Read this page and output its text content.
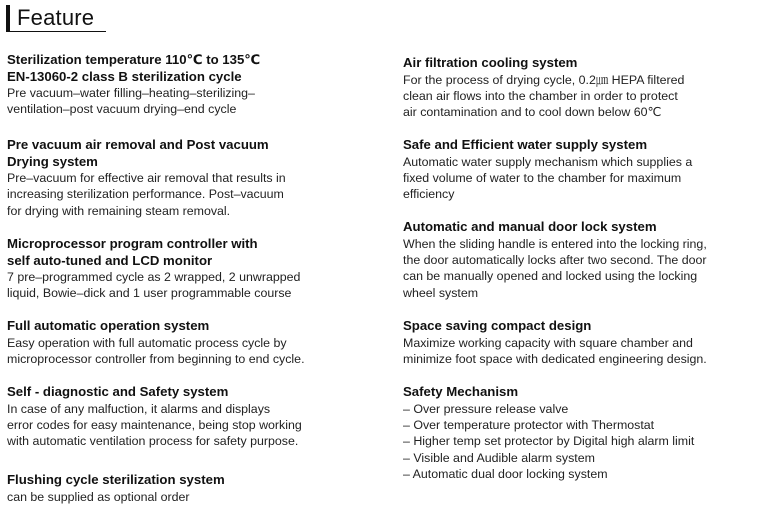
Feature
Sterilization temperature 110℃ to 135℃
EN-13060-2 class B sterilization cycle
Pre vacuum–water filling–heating–sterilizing–
ventilation–post vacuum drying–end cycle
Pre vacuum air removal and Post vacuum
Drying system
Pre–vacuum for effective air removal that results in
increasing sterilization performance. Post–vacuum
for drying with remaining steam removal.
Microprocessor program controller with
self auto-tuned and LCD monitor
7 pre–programmed cycle as 2 wrapped, 2 unwrapped
liquid, Bowie–dick and 1 user programmable course
Full automatic operation system
Easy operation with full automatic process cycle by
microprocessor controller from beginning to end cycle.
Self - diagnostic and Safety system
In case of any malfuction, it alarms and displays
error codes for easy maintenance, being stop working
with automatic ventilation process for safety purpose.
Flushing cycle sterilization system
can be supplied as optional order
Air filtration cooling system
For the process of drying cycle, 0.2㎛ HEPA filtered
clean air flows into the chamber in order to protect
air contamination and to cool down below 60℃
Safe and Efficient water supply system
Automatic water supply mechanism which supplies a
fixed volume of water to the chamber for maximum
efficiency
Automatic and manual door lock system
When the sliding handle is entered into the locking ring,
the door automatically locks after two second. The door
can be manually opened and locked using the locking
wheel system
Space saving compact design
Maximize working capacity with square chamber and
minimize foot space with dedicated engineering design.
Safety Mechanism
– Over pressure release valve
– Over temperature protector with Thermostat
– Higher temp set protector by Digital high alarm limit
– Visible and Audible alarm system
– Automatic dual door locking system
